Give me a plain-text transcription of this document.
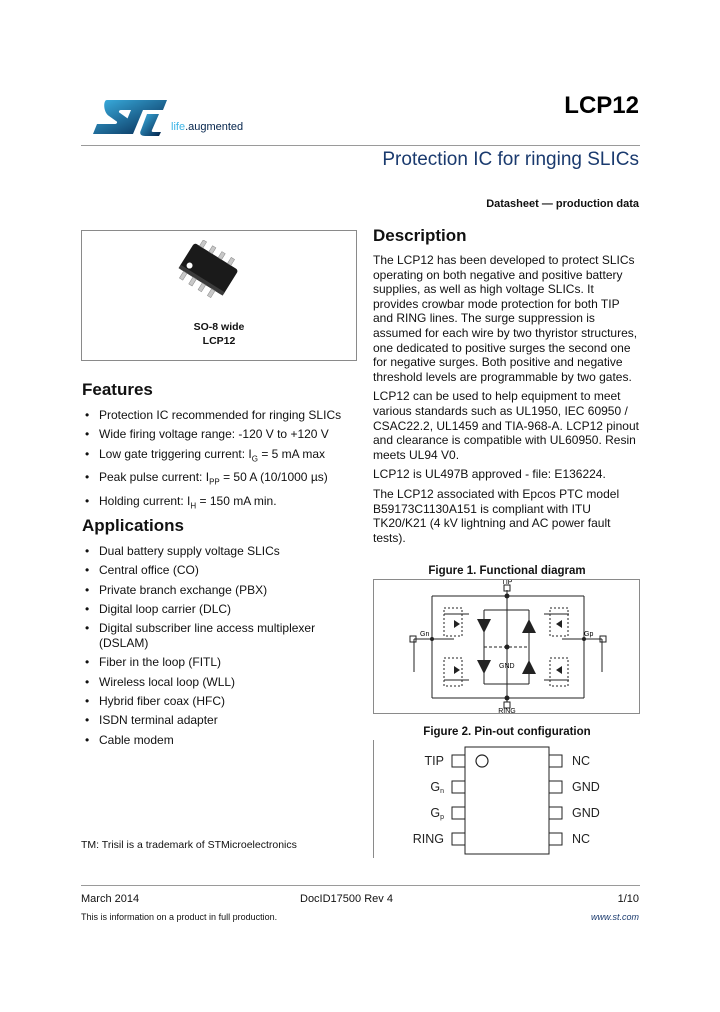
life.augmented
LCP12
Protection IC for ringing SLICs
Datasheet — production data
SO-8 wide
LCP12
Features
• Protection IC recommended for ringing SLICs
• Wide firing voltage range: -120 V to +120 V
• Low gate triggering current: $I_G = 5$ mA max
• Peak pulse current: $I_{PP} = 50$ A (10/1000 µs)
• Holding current: $I_H = 150$ mA min.
Applications
• Dual battery supply voltage SLICs
• Central office (CO)
• Private branch exchange (PBX)
• Digital loop carrier (DLC)
• Digital subscriber line access multiplexer (DSLAM)
• Fiber in the loop (FITL)
• Wireless local loop (WLL)
• Hybrid fiber coax (HFC)
• ISDN terminal adapter
• Cable modem
Description

The LCP12 has been developed to protect SLICs operating on both negative and positive battery supplies, as well as high voltage SLICs. It provides crowbar mode protection for both TIP and RING lines. The surge suppression is assumed for each wire by two thyristor structures, one dedicated to positive surges the second one for negative surges. Both positive and negative threshold levels are programmable by two gates.

LCP12 can be used to help equipment to meet various standards such as UL1950, IEC 60950 / CSAC22.2, UL1459 and TIA-968-A. LCP12 pinout and clearance is compatible with UL60950. Resin meets UL94 V0.

LCP12 is UL497B approved - file: E136224.

The LCP12 associated with Epcos PTC model B59173C1130A151 is compliant with ITU TK20/K21 (4 kV lightning and AC power fault tests).

Figure 1. Functional diagram
TIP
RING
Gn	Gp
GND
Figure 2. Pin-out configuration
TIP
Gn
Gp
RING
NC
GND
GND
NC
TM: Trisil is a trademark of STMicroelectronics
March 2014	DocID17500 Rev 4	1/10
This is information on a product in full production.	www.st.com
